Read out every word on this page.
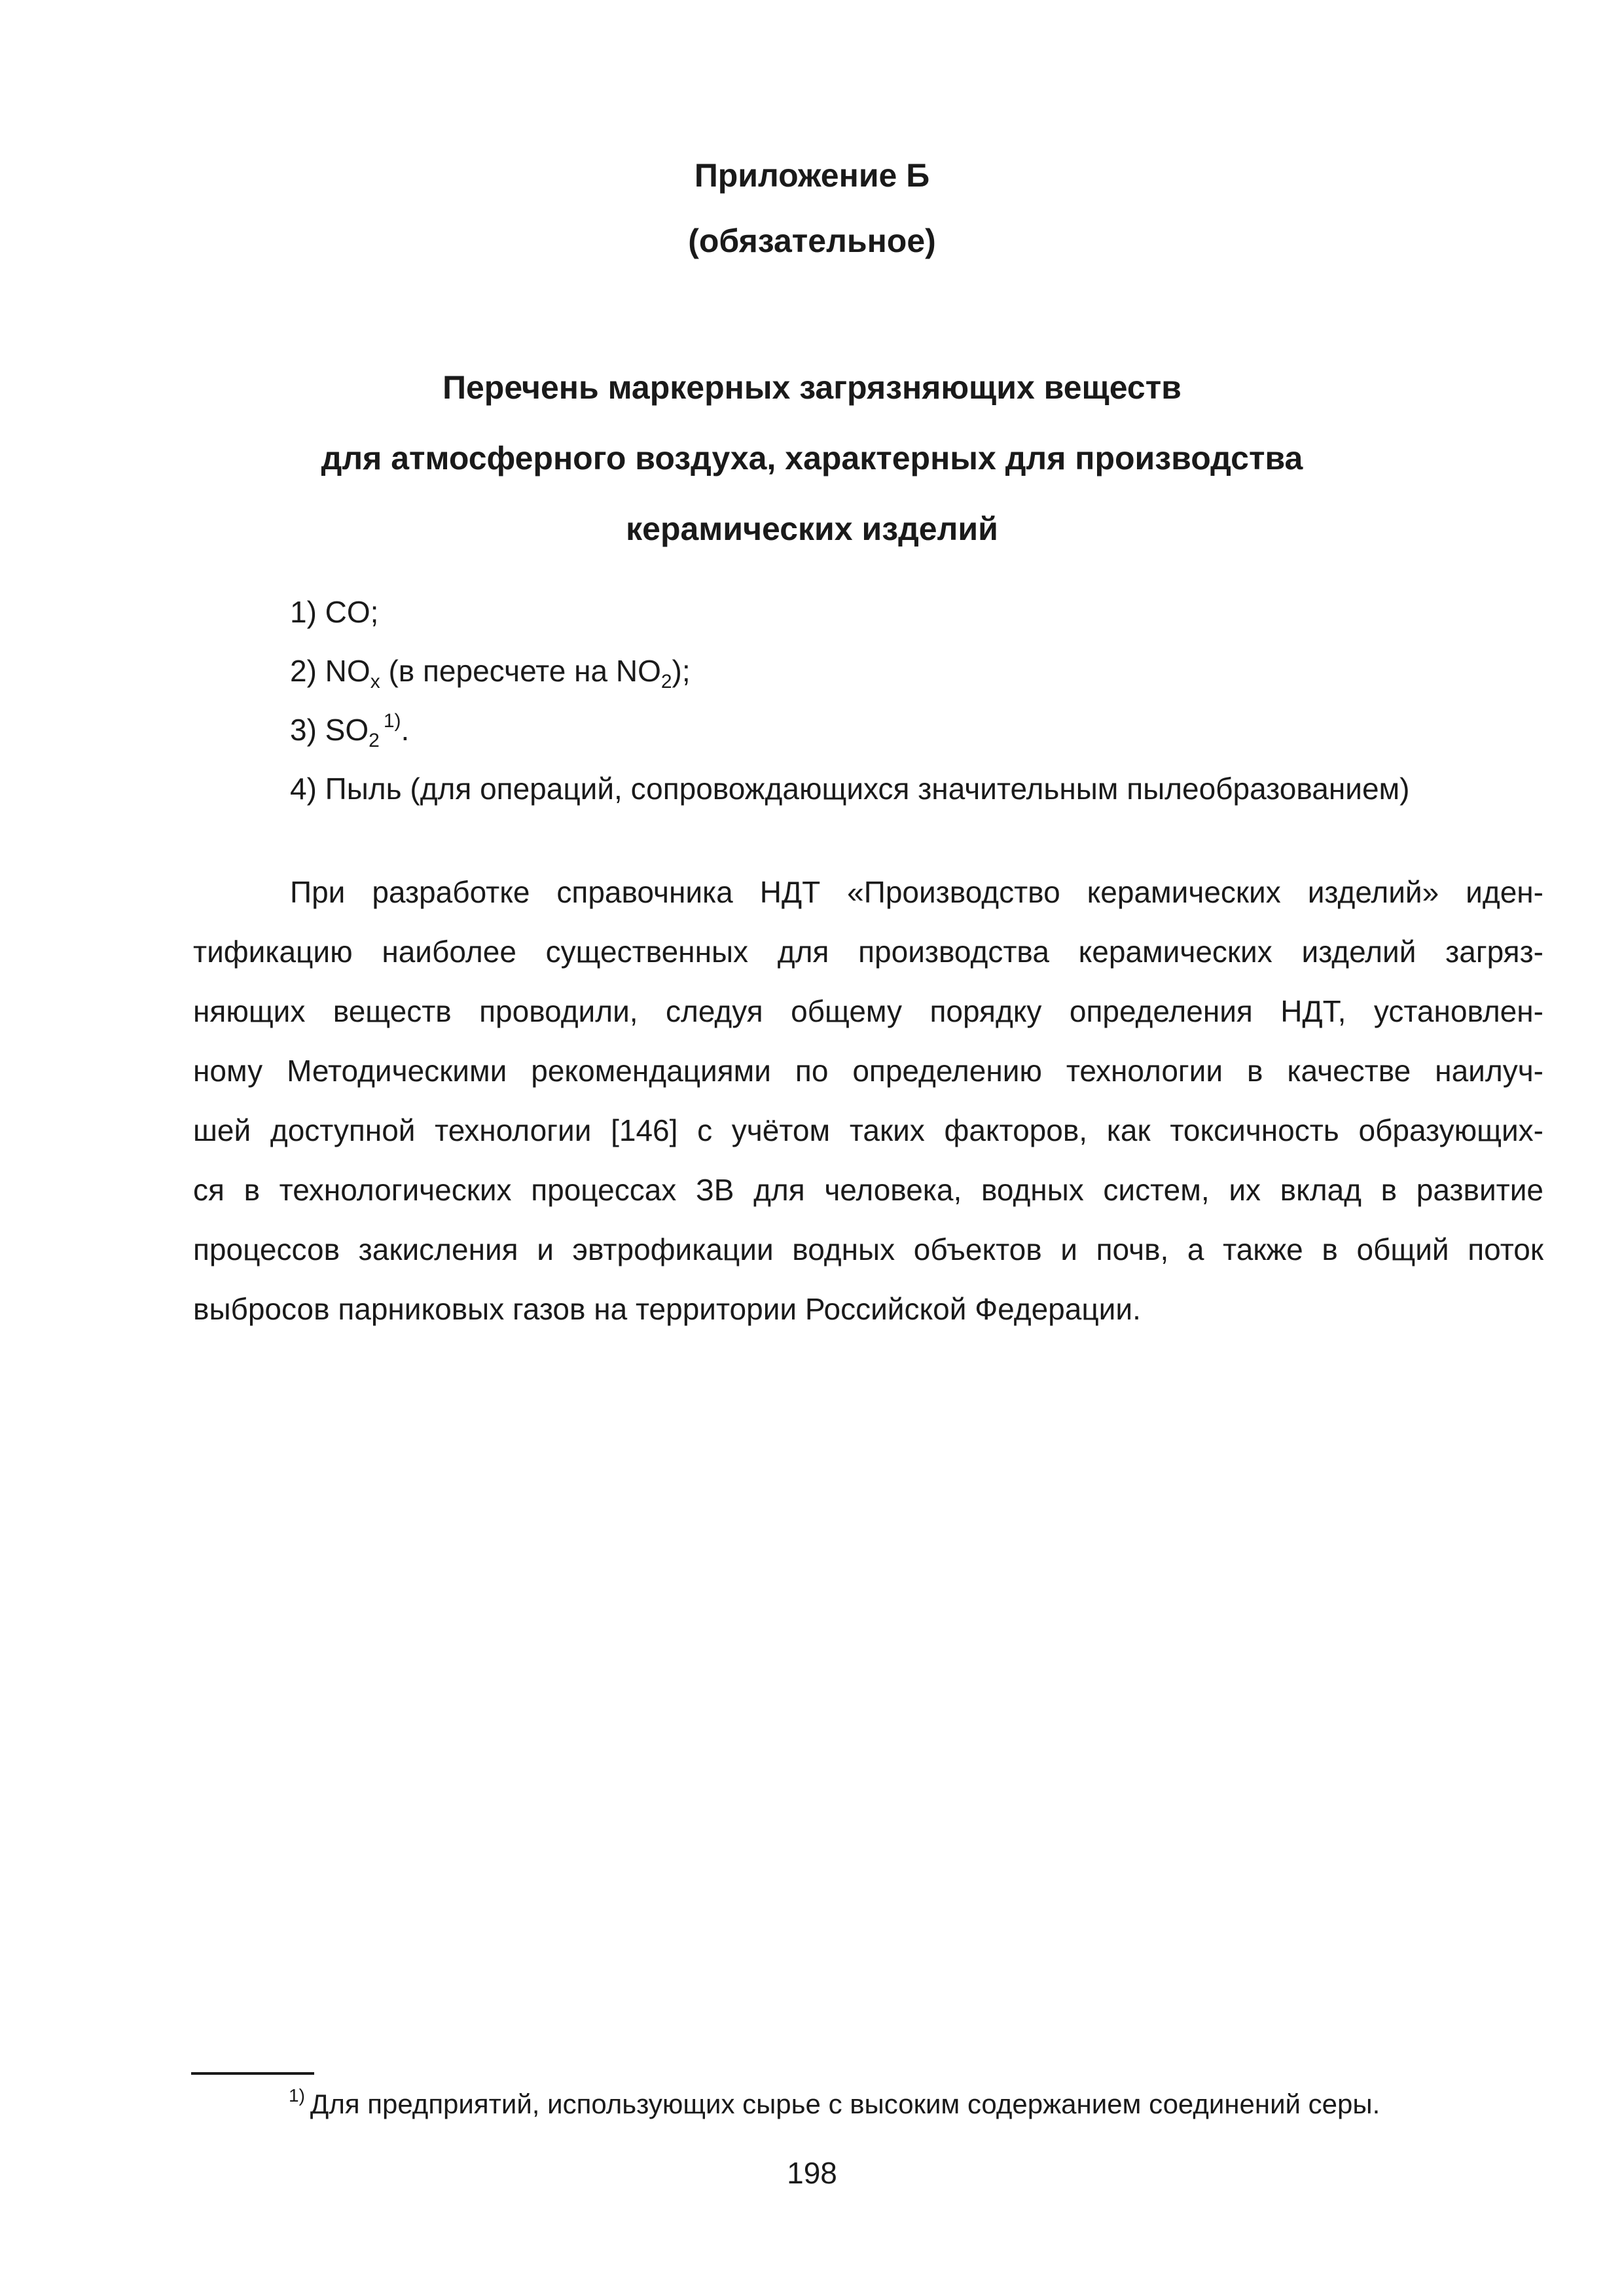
Приложение Б
(обязательное)
Перечень маркерных загрязняющих веществ
для атмосферного воздуха, характерных для производства
керамических изделий
1) CO;
2) $NO_x$ (в пересчете на $NO_2$);
3) $SO_2^{1)}$.
4) Пыль (для операций, сопровождающихся значительным пылеобразованием)
При разработке справочника НДТ «Производство керамических изделий» иден-
тификацию наиболее существенных для производства керамических изделий загряз-
няющих веществ проводили, следуя общему порядку определения НДТ, установлен-
ному Методическими рекомендациями по определению технологии в качестве наилуч-
шей доступной технологии [146] с учётом таких факторов, как токсичность образующих-
ся в технологических процессах ЗВ для человека, водных систем, их вклад в развитие
процессов закисления и эвтрофикации водных объектов и почв, а также в общий поток
выбросов парниковых газов на территории Российской Федерации.
$^{1)}$ Для предприятий, использующих сырье с высоким содержанием соединений серы.
198
